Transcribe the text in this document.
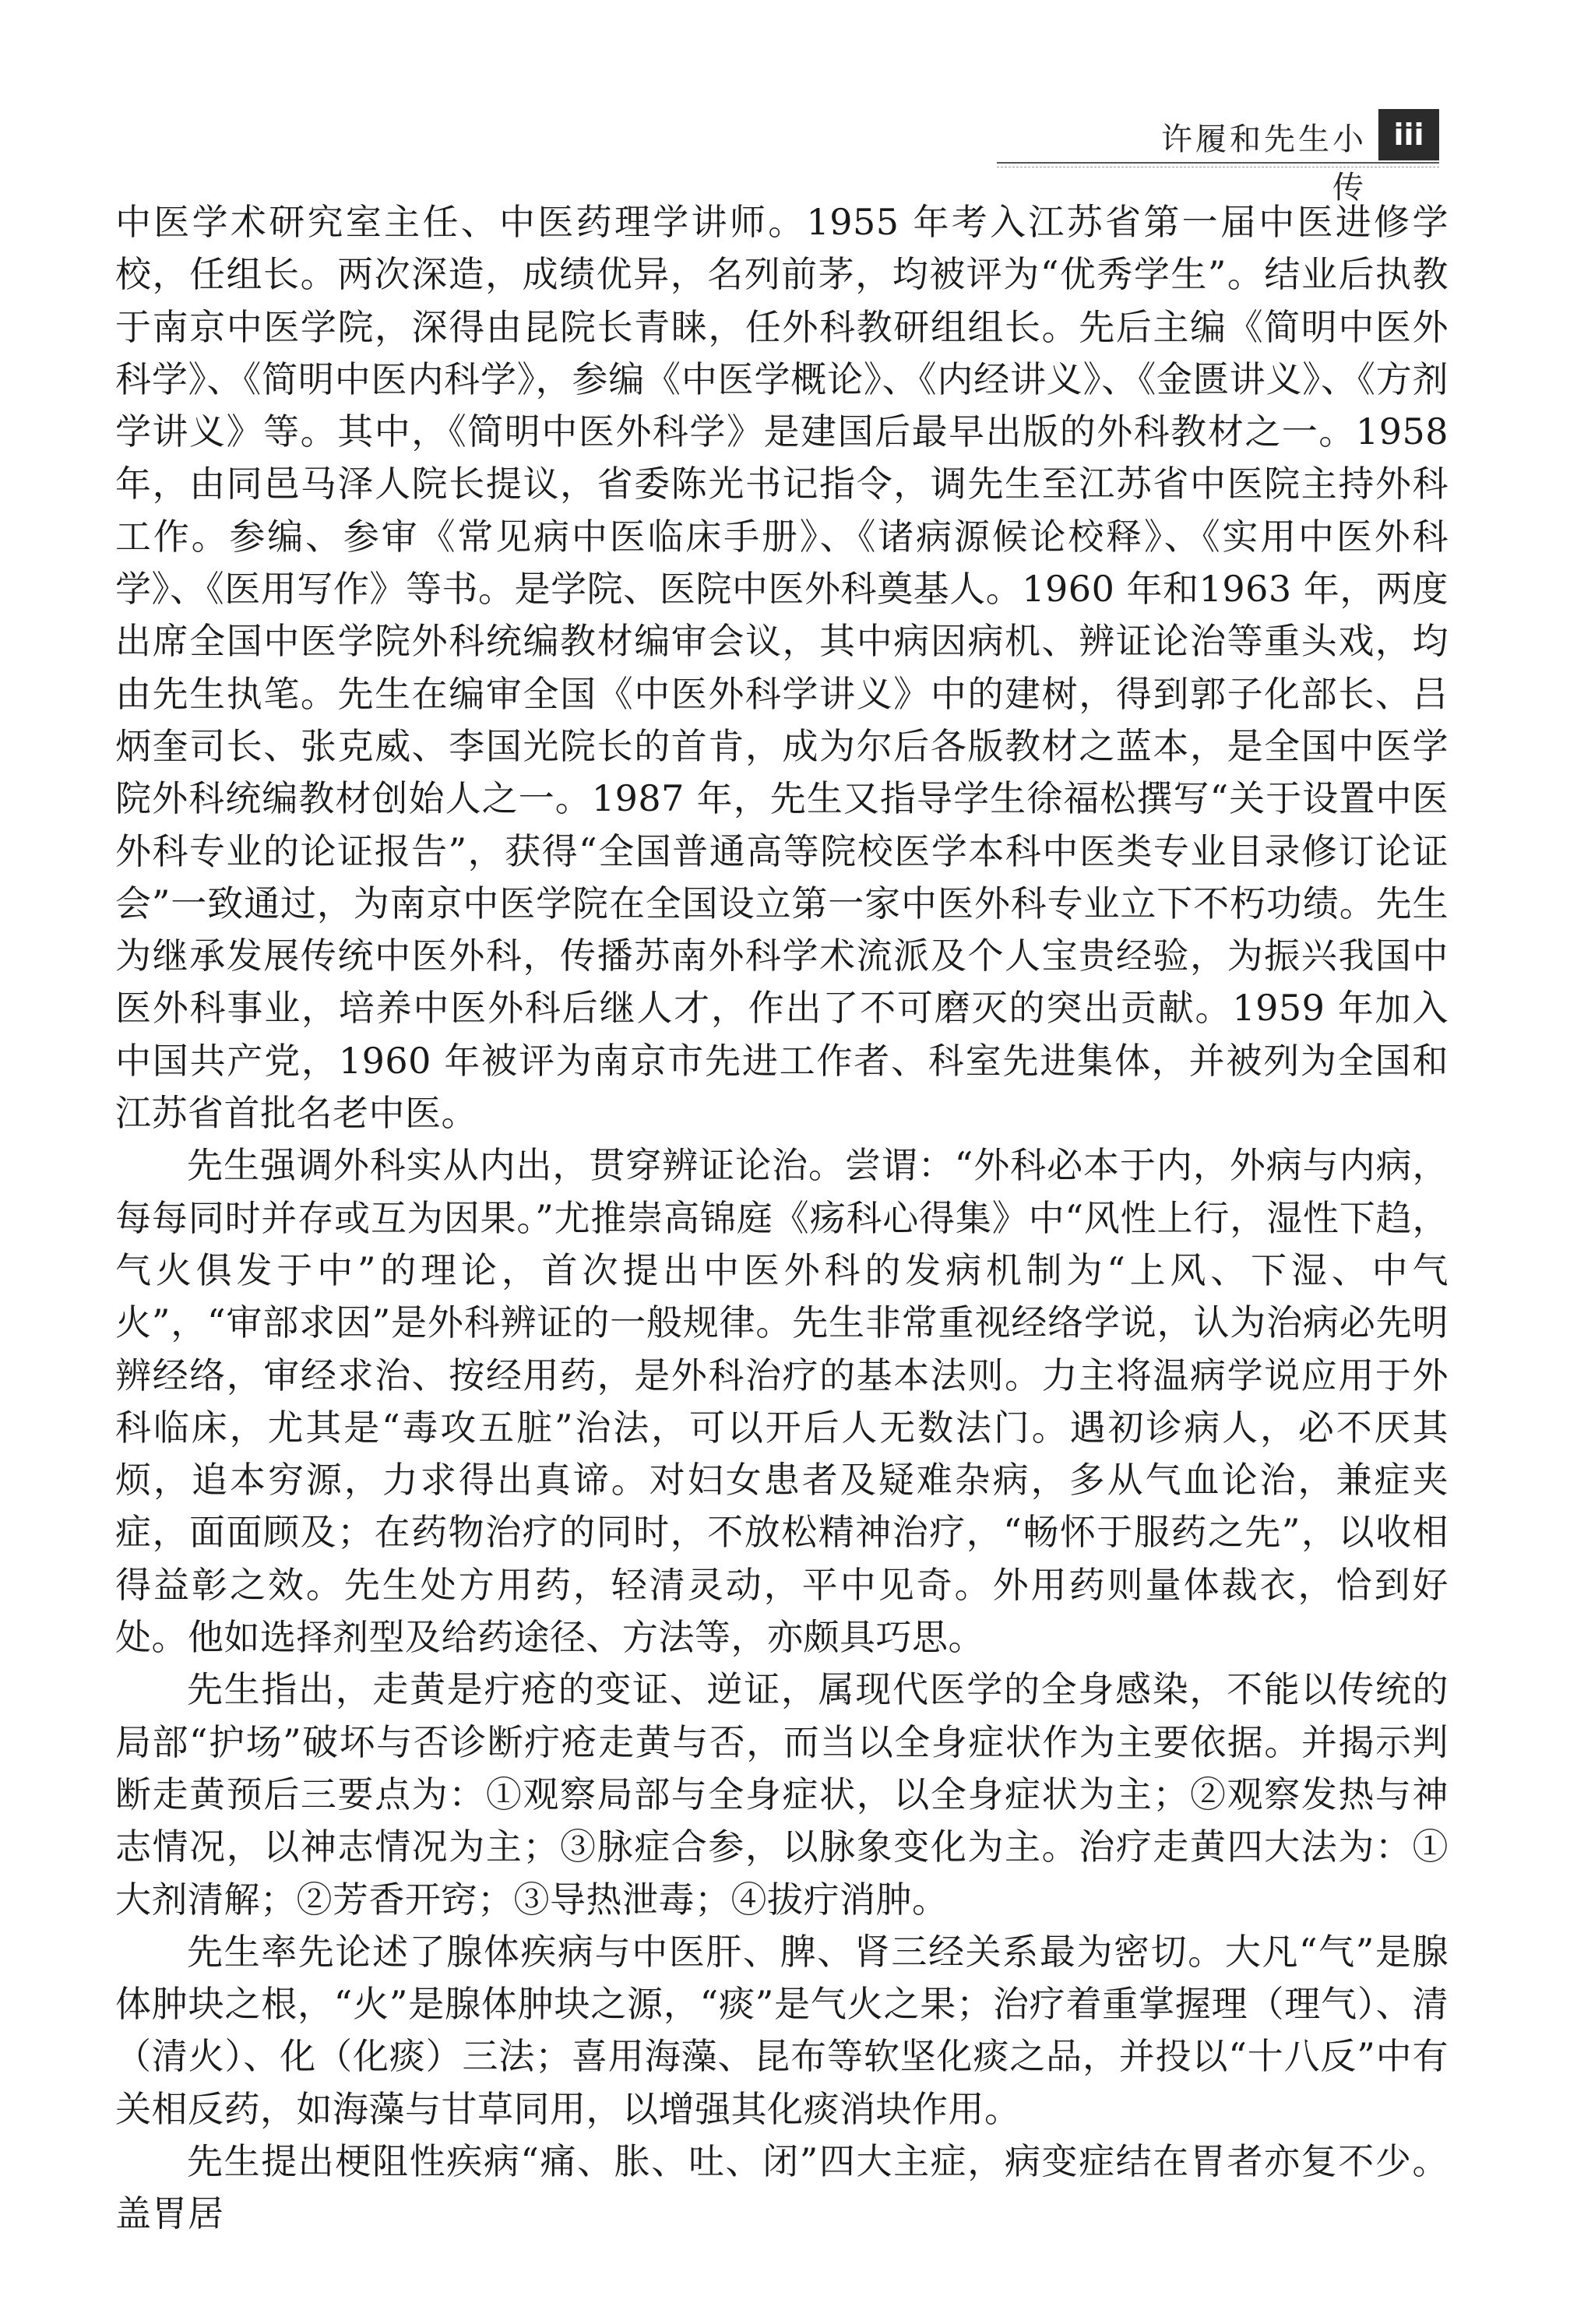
许履和先生小传
iii

中医学术研究室主任、中医药理学讲师。1955 年考入江苏省第一届中医进修学校，任组长。两次深造，成绩优异，名列前茅，均被评为“优秀学生”。结业后执教于南京中医学院，深得由昆院长青睐，任外科教研组组长。先后主编《简明中医外科学》、《简明中医内科学》，参编《中医学概论》、《内经讲义》、《金匮讲义》、《方剂学讲义》等。其中，《简明中医外科学》是建国后最早出版的外科教材之一。1958 年，由同邑马泽人院长提议，省委陈光书记指令，调先生至江苏省中医院主持外科工作。参编、参审《常见病中医临床手册》、《诸病源候论校释》、《实用中医外科学》、《医用写作》等书。是学院、医院中医外科奠基人。1960 年和1963 年，两度出席全国中医学院外科统编教材编审会议，其中病因病机、辨证论治等重头戏，均由先生执笔。先生在编审全国《中医外科学讲义》中的建树，得到郭子化部长、吕炳奎司长、张克威、李国光院长的首肯，成为尔后各版教材之蓝本，是全国中医学院外科统编教材创始人之一。1987 年，先生又指导学生徐福松撰写“关于设置中医外科专业的论证报告”，获得“全国普通高等院校医学本科中医类专业目录修订论证会”一致通过，为南京中医学院在全国设立第一家中医外科专业立下不朽功绩。先生为继承发展传统中医外科，传播苏南外科学术流派及个人宝贵经验，为振兴我国中医外科事业，培养中医外科后继人才，作出了不可磨灭的突出贡献。1959 年加入中国共产党，1960 年被评为南京市先进工作者、科室先进集体，并被列为全国和江苏省首批名老中医。

先生强调外科实从内出，贯穿辨证论治。尝谓：“外科必本于内，外病与内病，每每同时并存或互为因果。”尤推崇高锦庭《疡科心得集》中“风性上行，湿性下趋，气火俱发于中”的理论，首次提出中医外科的发病机制为“上风、下湿、中气火”，“审部求因”是外科辨证的一般规律。先生非常重视经络学说，认为治病必先明辨经络，审经求治、按经用药，是外科治疗的基本法则。力主将温病学说应用于外科临床，尤其是“毒攻五脏”治法，可以开后人无数法门。遇初诊病人，必不厌其烦，追本穷源，力求得出真谛。对妇女患者及疑难杂病，多从气血论治，兼症夹症，面面顾及；在药物治疗的同时，不放松精神治疗，“畅怀于服药之先”，以收相得益彰之效。先生处方用药，轻清灵动，平中见奇。外用药则量体裁衣，恰到好处。他如选择剂型及给药途径、方法等，亦颇具巧思。

先生指出，走黄是疔疮的变证、逆证，属现代医学的全身感染，不能以传统的局部“护场”破坏与否诊断疔疮走黄与否，而当以全身症状作为主要依据。并揭示判断走黄预后三要点为：①观察局部与全身症状，以全身症状为主；②观察发热与神志情况，以神志情况为主；③脉症合参，以脉象变化为主。治疗走黄四大法为：①大剂清解；②芳香开窍；③导热泄毒；④拔疔消肿。

先生率先论述了腺体疾病与中医肝、脾、肾三经关系最为密切。大凡“气”是腺体肿块之根，“火”是腺体肿块之源，“痰”是气火之果；治疗着重掌握理（理气）、清（清火）、化（化痰）三法；喜用海藻、昆布等软坚化痰之品，并投以“十八反”中有关相反药，如海藻与甘草同用，以增强其化痰消块作用。

先生提出梗阻性疾病“痛、胀、吐、闭”四大主症，病变症结在胃者亦复不少。盖胃居
